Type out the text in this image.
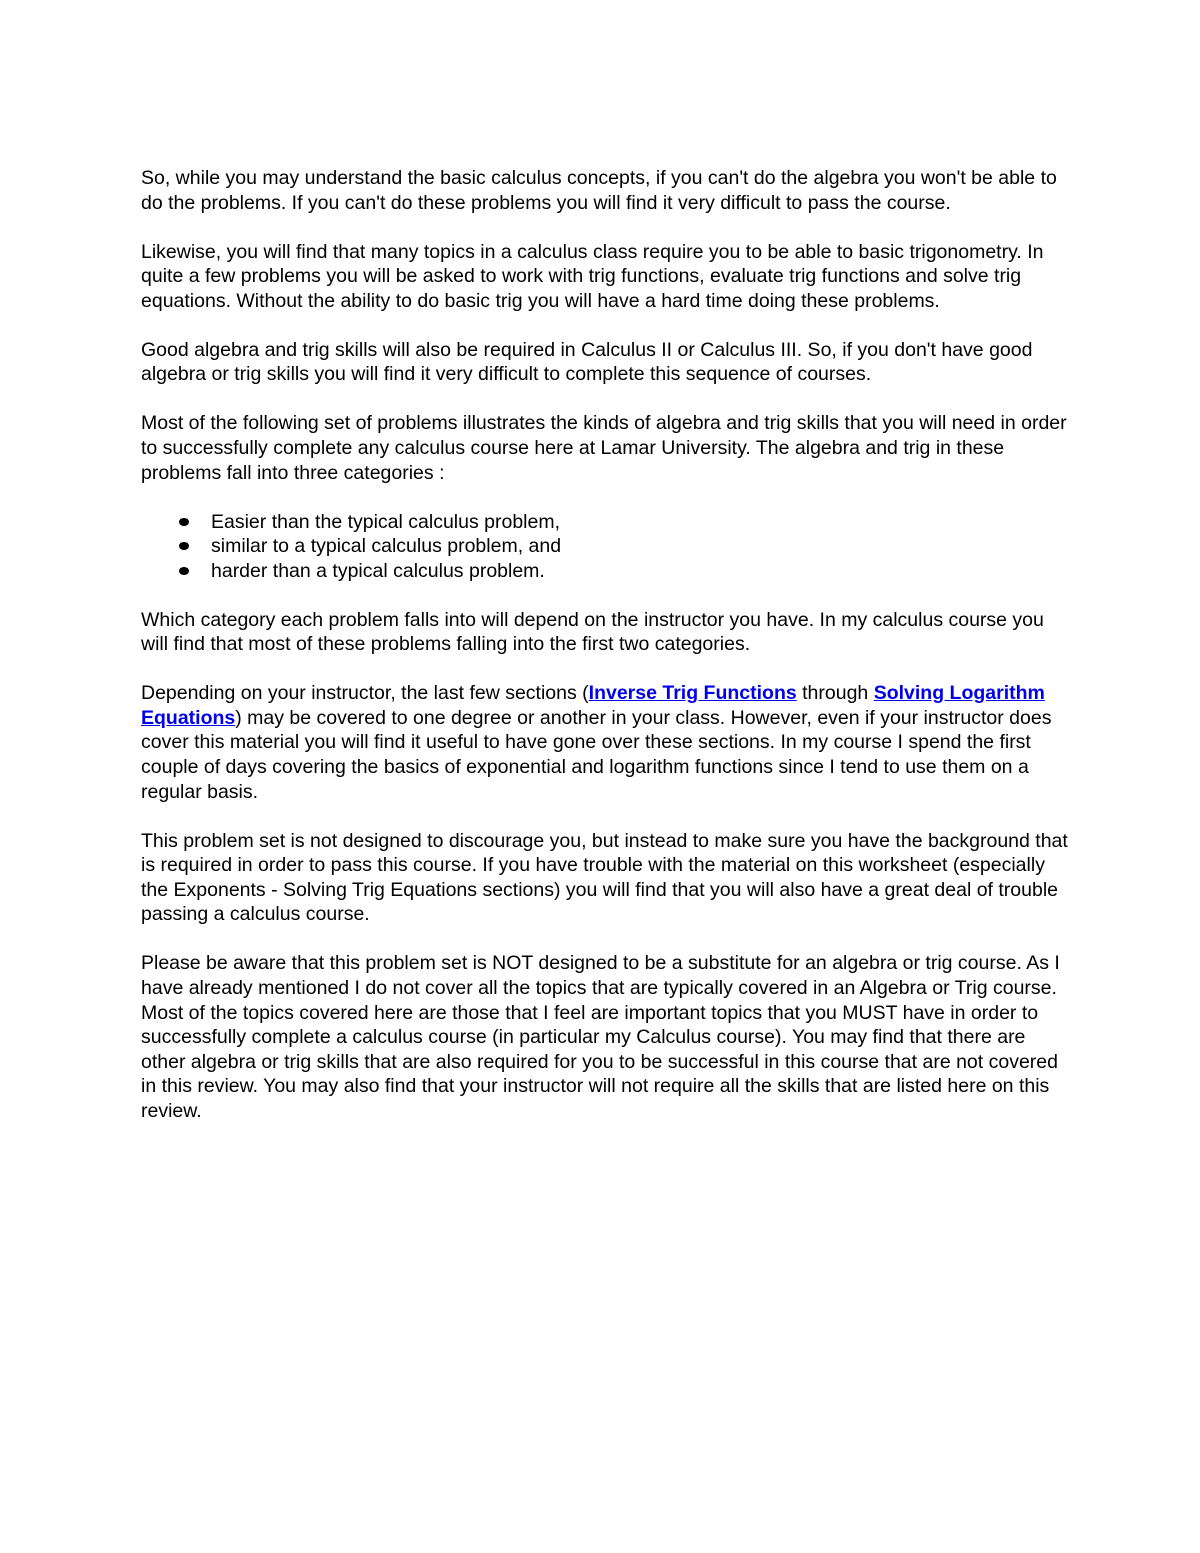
So, while you may understand the basic calculus concepts, if you can't do the algebra you won't be able to do the problems. If you can't do these problems you will find it very difficult to pass the course.

Likewise, you will find that many topics in a calculus class require you to be able to basic trigonometry. In quite a few problems you will be asked to work with trig functions, evaluate trig functions and solve trig equations. Without the ability to do basic trig you will have a hard time doing these problems.

Good algebra and trig skills will also be required in Calculus II or Calculus III. So, if you don't have good algebra or trig skills you will find it very difficult to complete this sequence of courses.

Most of the following set of problems illustrates the kinds of algebra and trig skills that you will need in order to successfully complete any calculus course here at Lamar University. The algebra and trig in these problems fall into three categories :

Easier than the typical calculus problem,
similar to a typical calculus problem, and
harder than a typical calculus problem.

Which category each problem falls into will depend on the instructor you have. In my calculus course you will find that most of these problems falling into the first two categories.

Depending on your instructor, the last few sections (Inverse Trig Functions through Solving Logarithm Equations) may be covered to one degree or another in your class. However, even if your instructor does cover this material you will find it useful to have gone over these sections. In my course I spend the first couple of days covering the basics of exponential and logarithm functions since I tend to use them on a regular basis.

This problem set is not designed to discourage you, but instead to make sure you have the background that is required in order to pass this course. If you have trouble with the material on this worksheet (especially the Exponents - Solving Trig Equations sections) you will find that you will also have a great deal of trouble passing a calculus course.

Please be aware that this problem set is NOT designed to be a substitute for an algebra or trig course. As I have already mentioned I do not cover all the topics that are typically covered in an Algebra or Trig course. Most of the topics covered here are those that I feel are important topics that you MUST have in order to successfully complete a calculus course (in particular my Calculus course). You may find that there are other algebra or trig skills that are also required for you to be successful in this course that are not covered in this review. You may also find that your instructor will not require all the skills that are listed here on this review.
